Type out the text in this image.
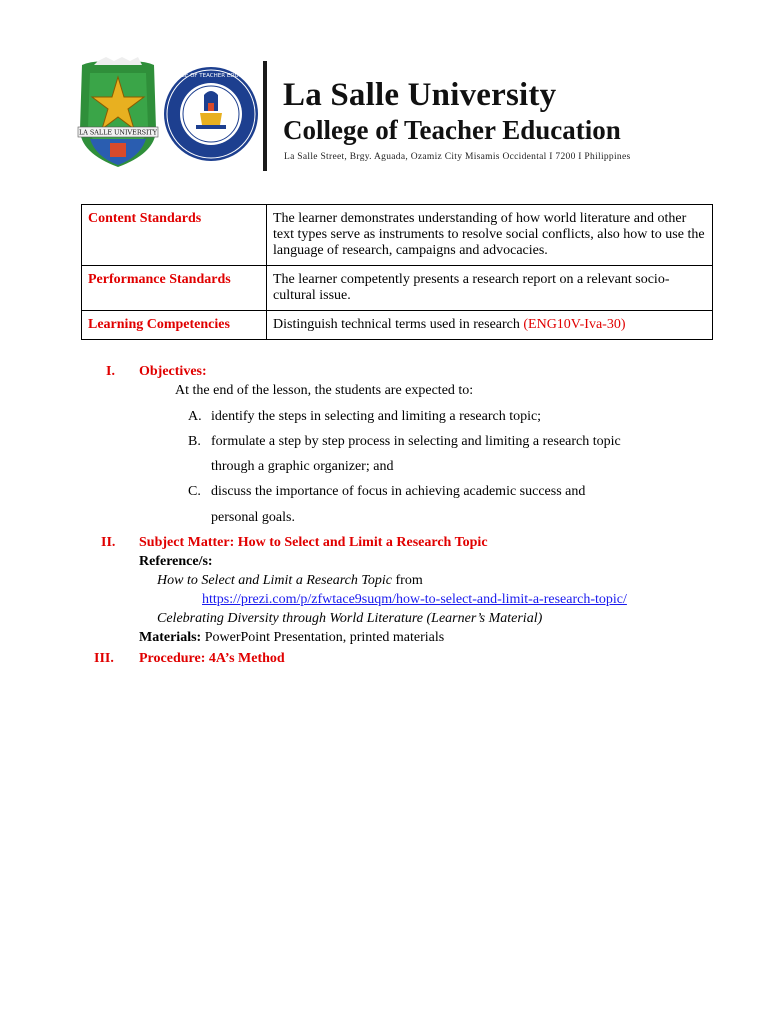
LA SALLE UNIVERSITY
COLLEGE OF TEACHER EDUCATION
La Salle University
College of Teacher Education
La Salle Street, Brgy. Aguada, Ozamiz City Misamis Occidental I 7200 I Philippines
Content Standards	The learner demonstrates understanding of how world literature and other text types serve as instruments to resolve social conflicts, also how to use the language of research, campaigns and advocacies.
Performance Standards	The learner competently presents a research report on a relevant socio-cultural issue.
Learning Competencies	Distinguish technical terms used in research (ENG10V-Iva-30)
I. Objectives:
At the end of the lesson, the students are expected to:
A. identify the steps in selecting and limiting a research topic;
B. formulate a step by step process in selecting and limiting a research topic
through a graphic organizer; and
C. discuss the importance of focus in achieving academic success and
personal goals.
II. Subject Matter: How to Select and Limit a Research Topic
Reference/s:
How to Select and Limit a Research Topic from
https://prezi.com/p/zfwtace9suqm/how-to-select-and-limit-a-research-topic/
Celebrating Diversity through World Literature (Learner’s Material)
Materials: PowerPoint Presentation, printed materials
III. Procedure: 4A’s Method
